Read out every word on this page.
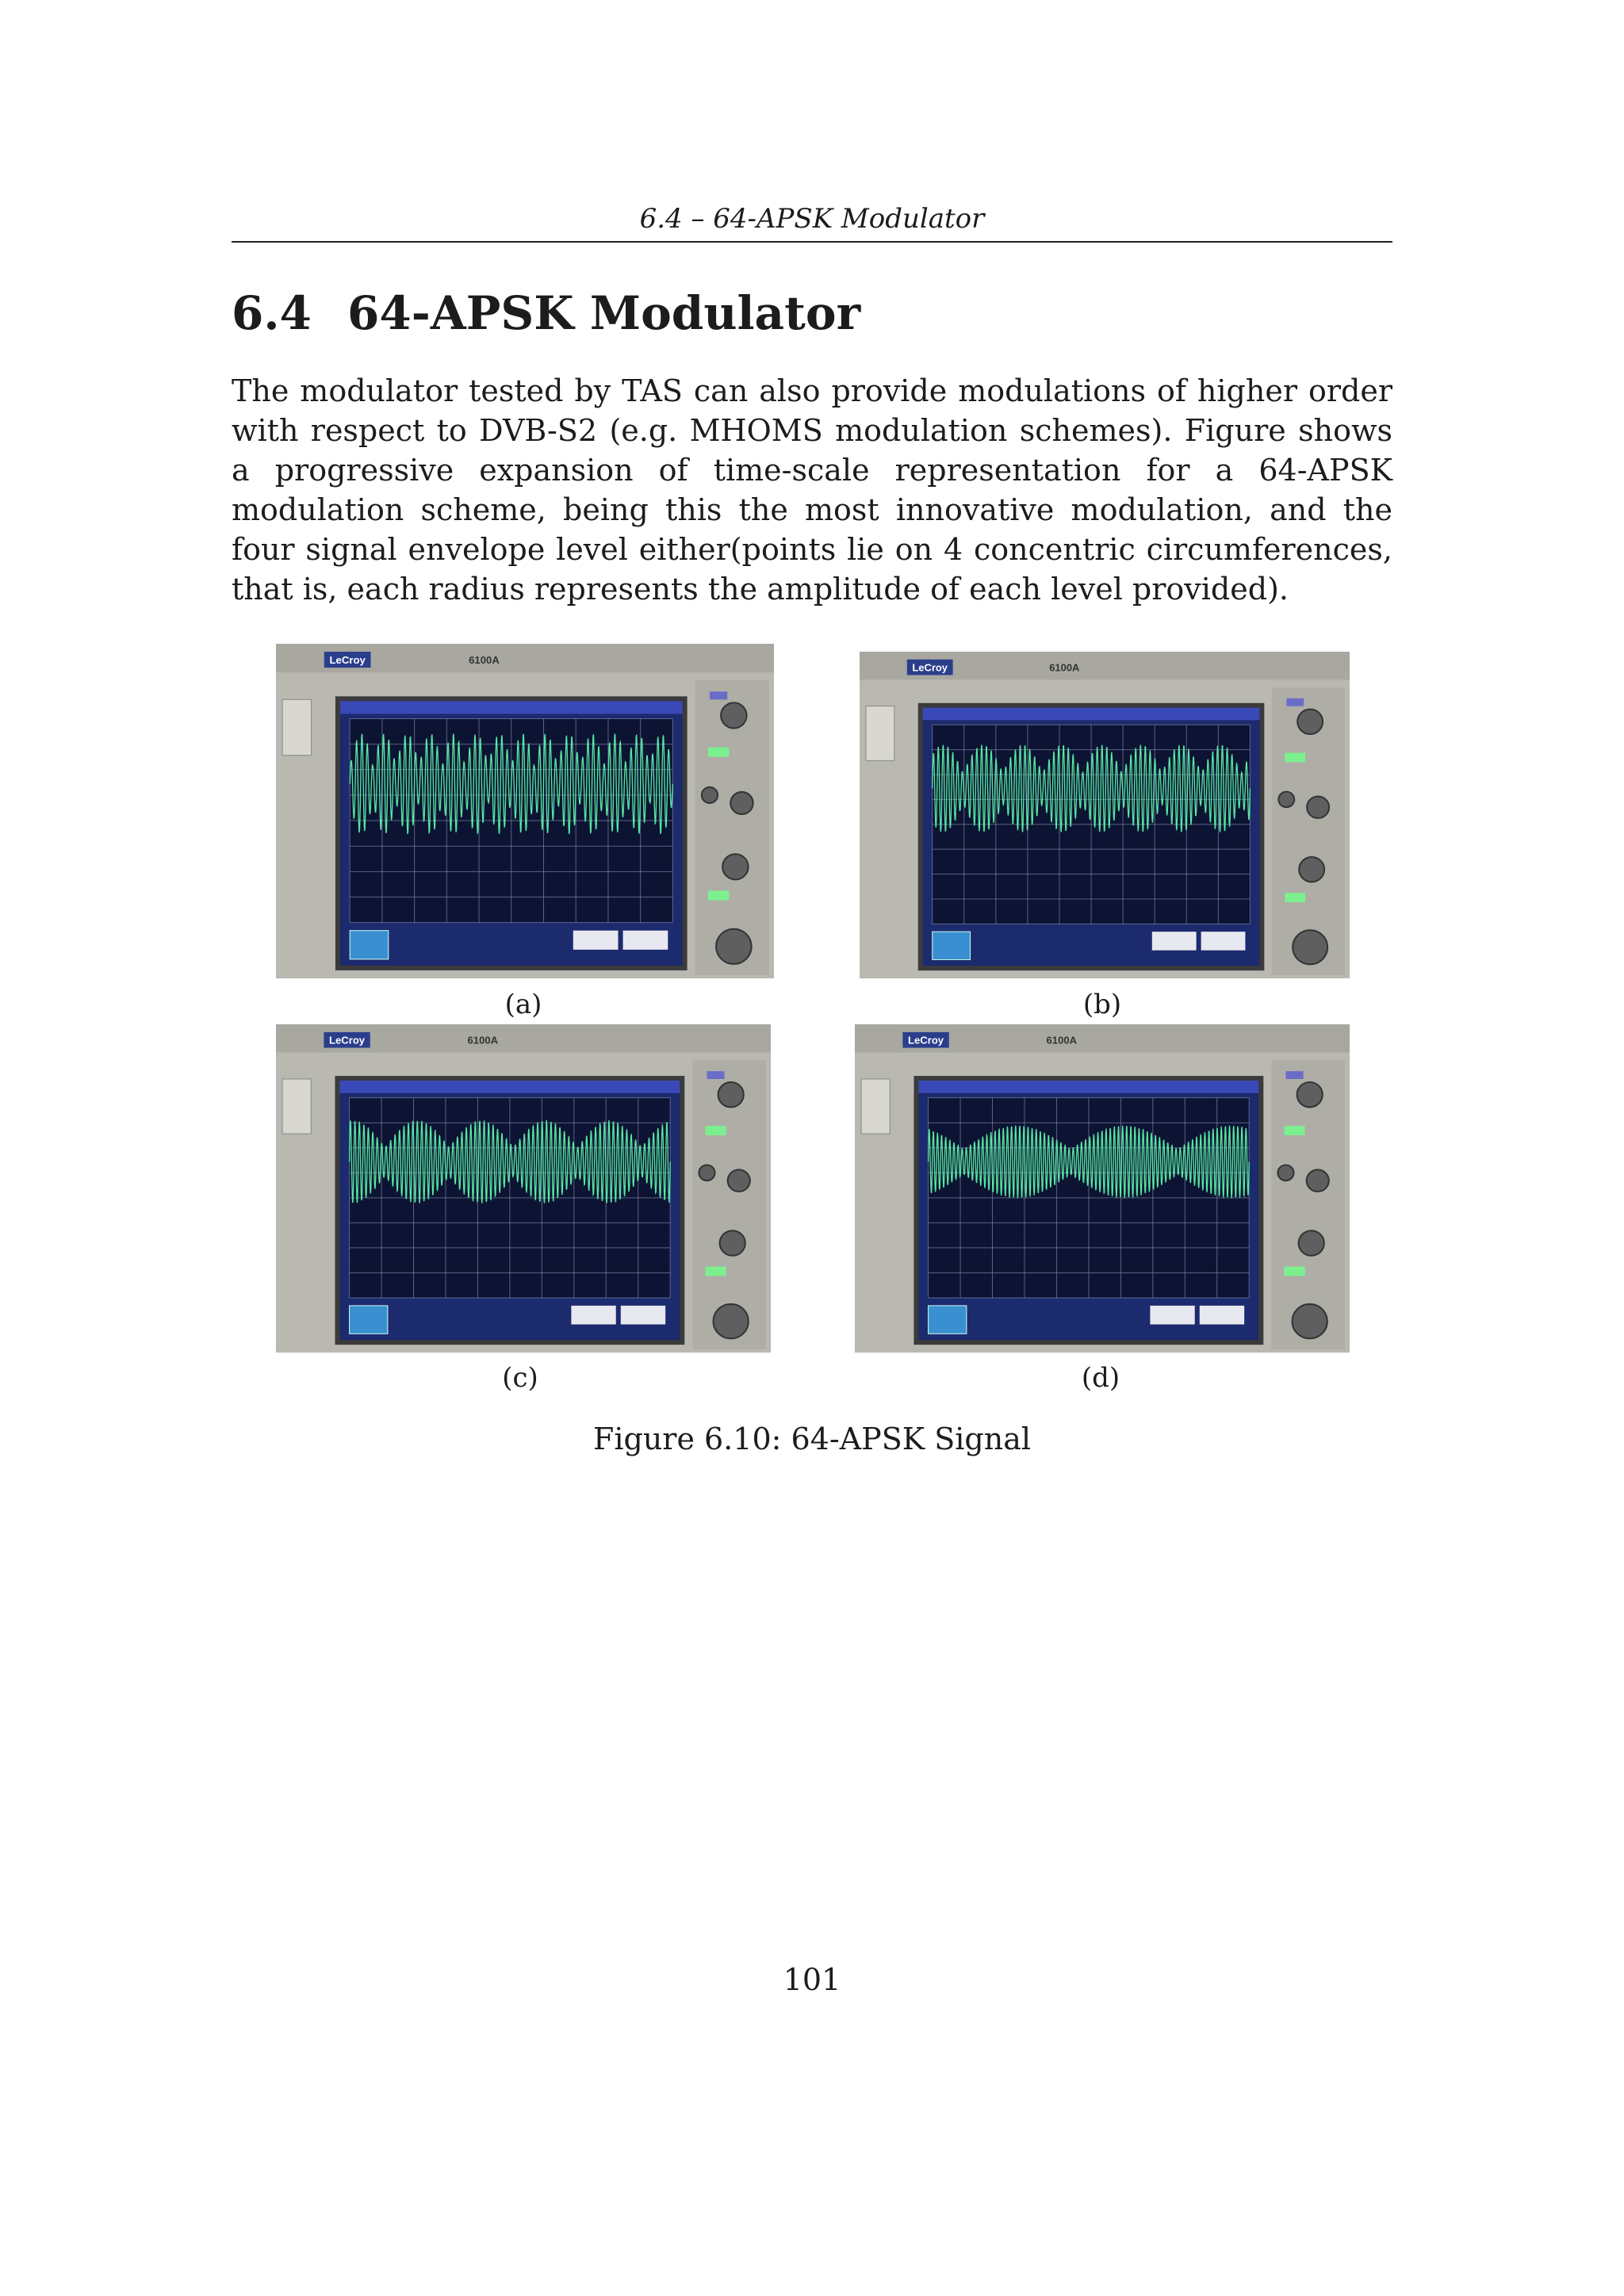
6.4 – 64-APSK Modulator
6.4 64-APSK Modulator

The modulator tested by TAS can also provide modulations of higher order with respect to DVB-S2 (e.g. MHOMS modulation schemes). Figure shows a progressive expansion of time-scale representation for a 64-APSK modulation scheme, being this the most innovative modulation, and the four signal envelope level either(points lie on 4 concentric circumferences, that is, each radius represents the amplitude of each level provided).

LeCroy	6100A
LeCroy	6100A
LeCroy	6100A	LeCroy	6100A
(a)	(b)
(c)	(d)
Figure 6.10: 64-APSK Signal
101
